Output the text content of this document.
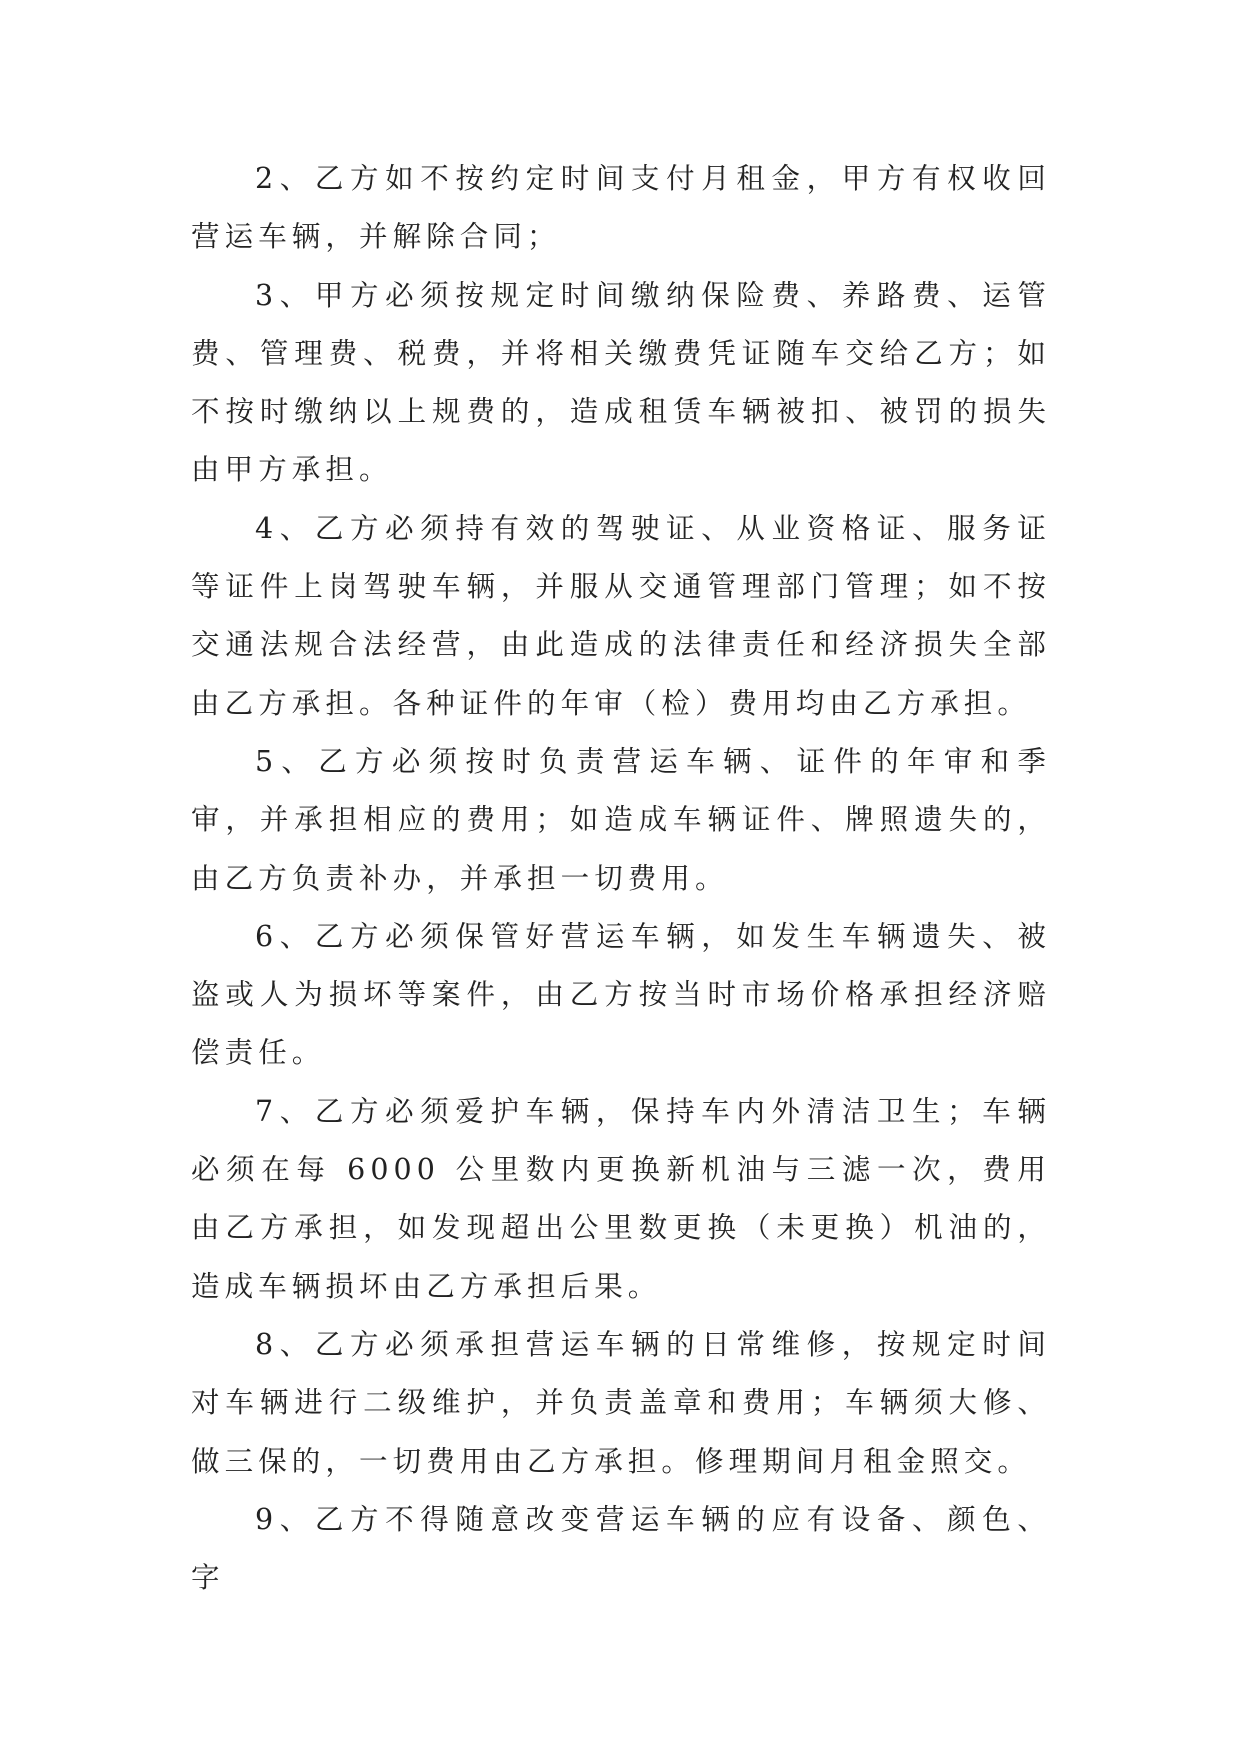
2、乙方如不按约定时间支付月租金，甲方有权收回营运车辆，并解除合同；

3、甲方必须按规定时间缴纳保险费、养路费、运管费、管理费、税费，并将相关缴费凭证随车交给乙方；如不按时缴纳以上规费的，造成租赁车辆被扣、被罚的损失由甲方承担。

4、乙方必须持有效的驾驶证、从业资格证、服务证等证件上岗驾驶车辆，并服从交通管理部门管理；如不按交通法规合法经营，由此造成的法律责任和经济损失全部由乙方承担。各种证件的年审（检）费用均由乙方承担。

5、乙方必须按时负责营运车辆、证件的年审和季审，并承担相应的费用；如造成车辆证件、牌照遗失的，由乙方负责补办，并承担一切费用。

6、乙方必须保管好营运车辆，如发生车辆遗失、被盗或人为损坏等案件，由乙方按当时市场价格承担经济赔偿责任。

7、乙方必须爱护车辆，保持车内外清洁卫生；车辆必须在每 6000 公里数内更换新机油与三滤一次，费用由乙方承担，如发现超出公里数更换（未更换）机油的，造成车辆损坏由乙方承担后果。

8、乙方必须承担营运车辆的日常维修，按规定时间对车辆进行二级维护，并负责盖章和费用；车辆须大修、做三保的，一切费用由乙方承担。修理期间月租金照交。

9、乙方不得随意改变营运车辆的应有设备、颜色、字
